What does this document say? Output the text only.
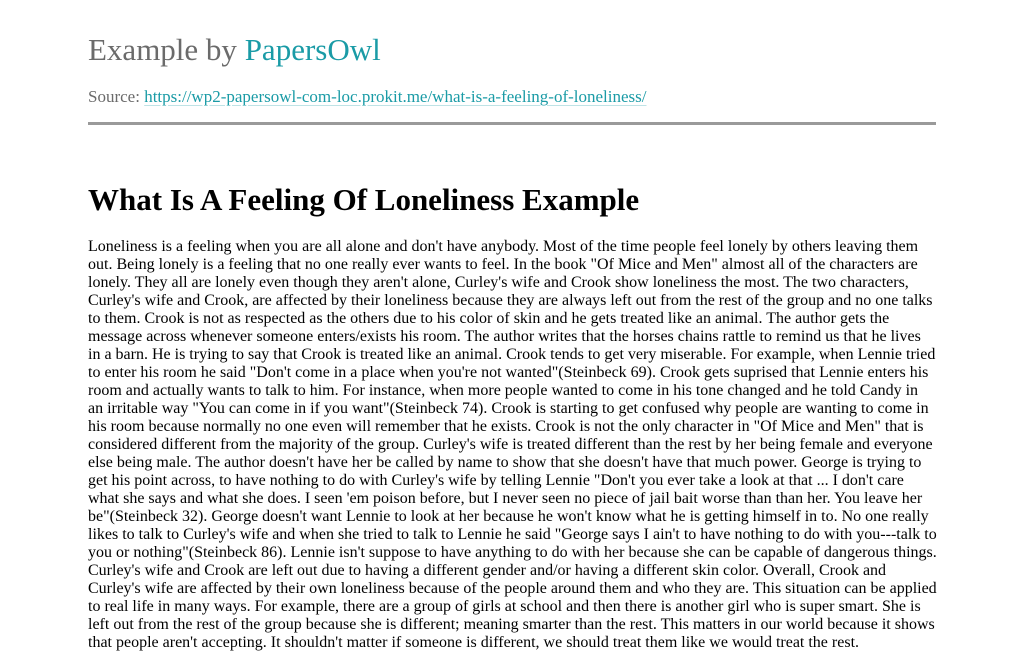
Example by PapersOwl

Source: https://wp2-papersowl-com-loc.prokit.me/what-is-a-feeling-of-loneliness/
What Is A Feeling Of Loneliness Example

Loneliness is a feeling when you are all alone and don't have anybody. Most of the time people feel lonely by others leaving them out. Being lonely is a feeling that no one really ever wants to feel. In the book "Of Mice and Men" almost all of the characters are lonely. They all are lonely even though they aren't alone, Curley's wife and Crook show loneliness the most. The two characters, Curley's wife and Crook, are affected by their loneliness because they are always left out from the rest of the group and no one talks to them. Crook is not as respected as the others due to his color of skin and he gets treated like an animal. The author gets the message across whenever someone enters/exists his room. The author writes that the horses chains rattle to remind us that he lives in a barn. He is trying to say that Crook is treated like an animal. Crook tends to get very miserable. For example, when Lennie tried to enter his room he said "Don't come in a place when you're not wanted"(Steinbeck 69). Crook gets suprised that Lennie enters his room and actually wants to talk to him. For instance, when more people wanted to come in his tone changed and he told Candy in an irritable way "You can come in if you want"(Steinbeck 74). Crook is starting to get confused why people are wanting to come in his room because normally no one even will remember that he exists. Crook is not the only character in "Of Mice and Men" that is considered different from the majority of the group. Curley's wife is treated different than the rest by her being female and everyone else being male. The author doesn't have her be called by name to show that she doesn't have that much power. George is trying to get his point across, to have nothing to do with Curley's wife by telling Lennie "Don't you ever take a look at that ... I don't care what she says and what she does. I seen 'em poison before, but I never seen no piece of jail bait worse than than her. You leave her be"(Steinbeck 32). George doesn't want Lennie to look at her because he won't know what he is getting himself in to. No one really likes to talk to Curley's wife and when she tried to talk to Lennie he said "George says I ain't to have nothing to do with you---talk to you or nothing"(Steinbeck 86). Lennie isn't suppose to have anything to do with her because she can be capable of dangerous things. Curley's wife and Crook are left out due to having a different gender and/or having a different skin color. Overall, Crook and Curley's wife are affected by their own loneliness because of the people around them and who they are. This situation can be applied to real life in many ways. For example, there are a group of girls at school and then there is another girl who is super smart. She is left out from the rest of the group because she is different; meaning smarter than the rest. This matters in our world because it shows that people aren't accepting. It shouldn't matter if someone is different, we should treat them like we would treat the rest.
